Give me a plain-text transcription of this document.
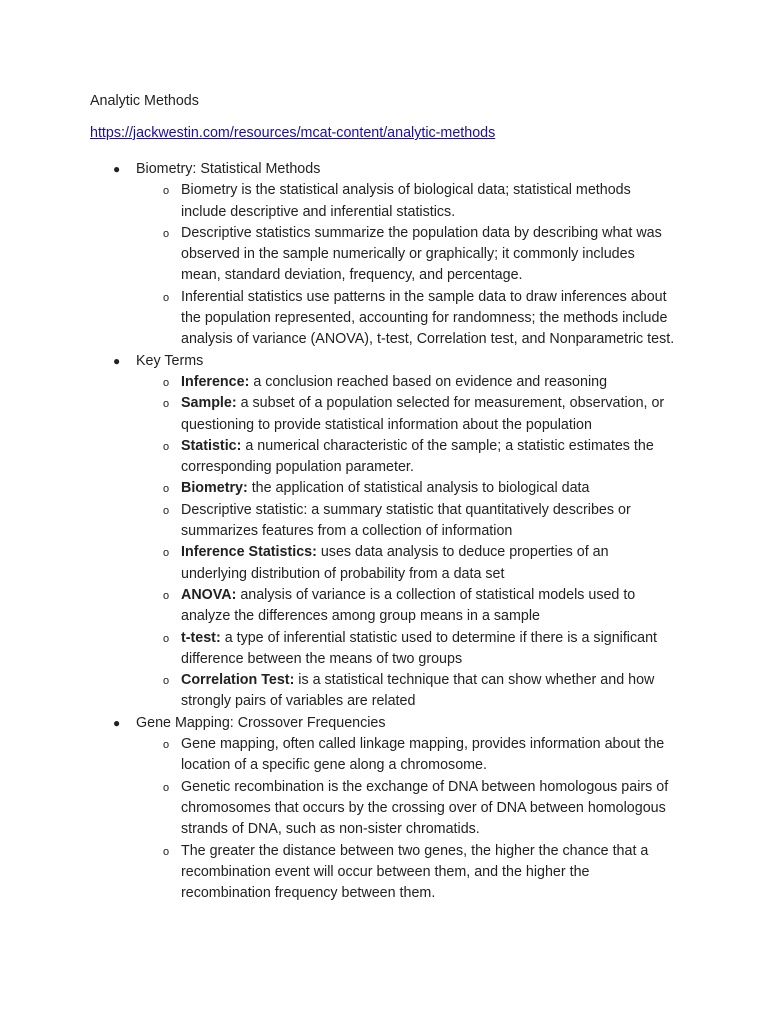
Analytic Methods
https://jackwestin.com/resources/mcat-content/analytic-methods
● Biometry: Statistical Methods
o Biometry is the statistical analysis of biological data; statistical methods include descriptive and inferential statistics.
o Descriptive statistics summarize the population data by describing what was observed in the sample numerically or graphically; it commonly includes mean, standard deviation, frequency, and percentage.
o Inferential statistics use patterns in the sample data to draw inferences about the population represented, accounting for randomness; the methods include analysis of variance (ANOVA), t-test, Correlation test, and Nonparametric test.
● Key Terms
o Inference: a conclusion reached based on evidence and reasoning
o Sample: a subset of a population selected for measurement, observation, or questioning to provide statistical information about the population
o Statistic: a numerical characteristic of the sample; a statistic estimates the corresponding population parameter.
o Biometry: the application of statistical analysis to biological data
o Descriptive statistic: a summary statistic that quantitatively describes or summarizes features from a collection of information
o Inference Statistics: uses data analysis to deduce properties of an underlying distribution of probability from a data set
o ANOVA: analysis of variance is a collection of statistical models used to analyze the differences among group means in a sample
o t-test: a type of inferential statistic used to determine if there is a significant difference between the means of two groups
o Correlation Test: is a statistical technique that can show whether and how strongly pairs of variables are related
● Gene Mapping: Crossover Frequencies
o Gene mapping, often called linkage mapping, provides information about the location of a specific gene along a chromosome.
o Genetic recombination is the exchange of DNA between homologous pairs of chromosomes that occurs by the crossing over of DNA between homologous strands of DNA, such as non-sister chromatids.
o The greater the distance between two genes, the higher the chance that a recombination event will occur between them, and the higher the recombination frequency between them.
